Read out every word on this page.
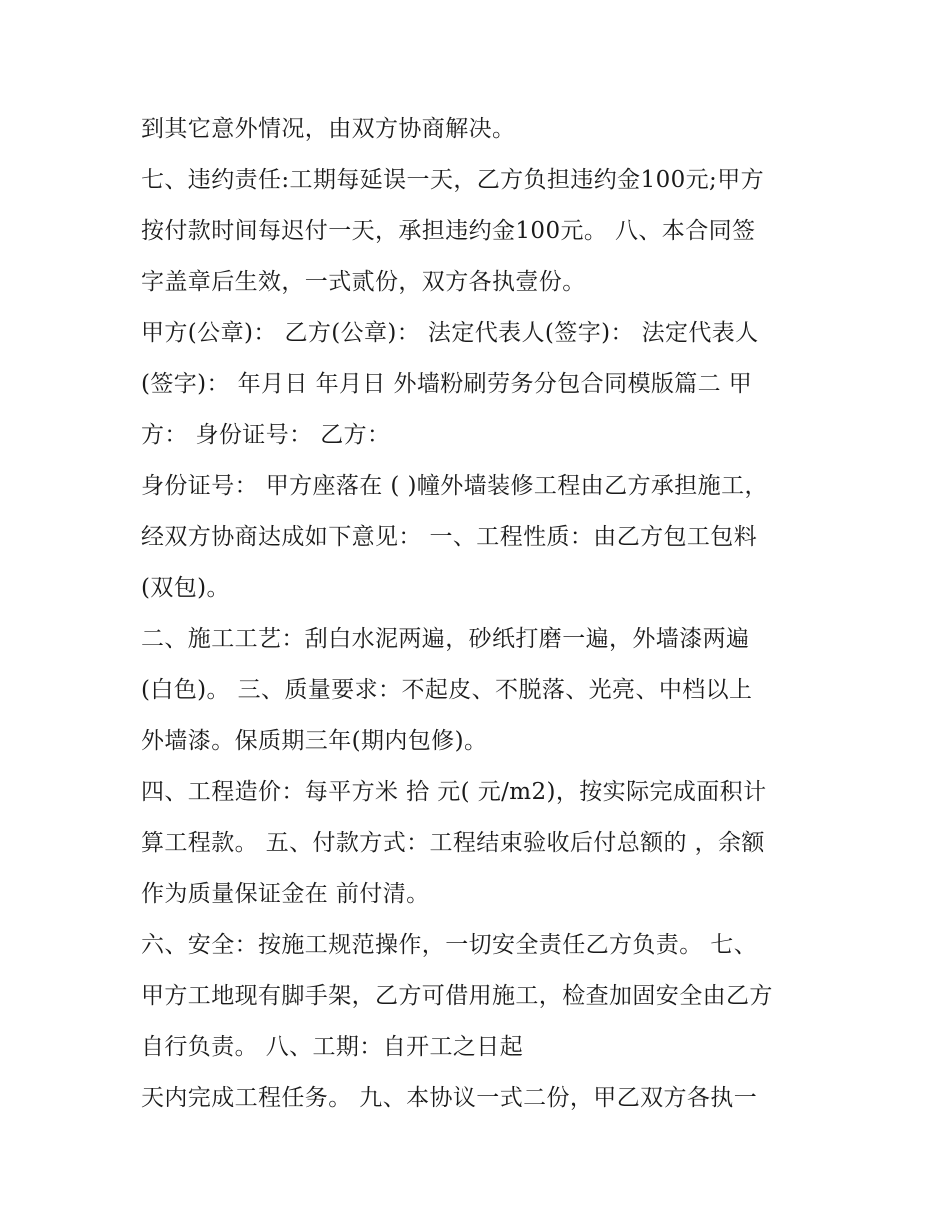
到其它意外情况，由双方协商解决。
七、违约责任:工期每延误一天，乙方负担违约金100元;甲方
按付款时间每迟付一天，承担违约金100元。 八、本合同签
字盖章后生效，一式贰份，双方各执壹份。
甲方(公章)： 乙方(公章)： 法定代表人(签字)： 法定代表人
(签字)： 年月日 年月日 外墙粉刷劳务分包合同模版篇二 甲
方： 身份证号： 乙方：
身份证号： 甲方座落在 ( )幢外墙装修工程由乙方承担施工，
经双方协商达成如下意见： 一、工程性质：由乙方包工包料
(双包)。
二、施工工艺：刮白水泥两遍，砂纸打磨一遍，外墙漆两遍
(白色)。 三、质量要求：不起皮、不脱落、光亮、中档以上
外墙漆。保质期三年(期内包修)。
四、工程造价：每平方米 拾 元( 元/m2)，按实际完成面积计
算工程款。 五、付款方式：工程结束验收后付总额的 ，余额
作为质量保证金在 前付清。
六、安全：按施工规范操作，一切安全责任乙方负责。 七、
甲方工地现有脚手架，乙方可借用施工，检查加固安全由乙方
自行负责。 八、工期：自开工之日起
天内完成工程任务。 九、本协议一式二份，甲乙双方各执一
